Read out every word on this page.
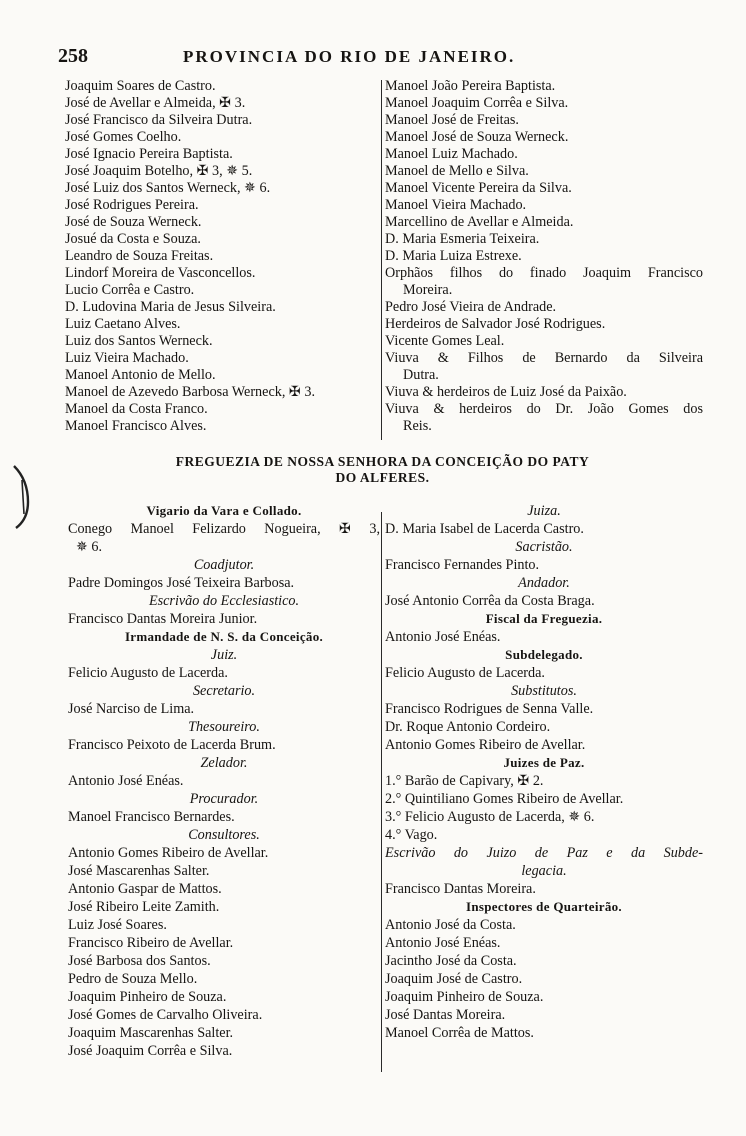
258	PROVINCIA DO RIO DE JANEIRO.
Joaquim Soares de Castro.
José de Avellar e Almeida, ✠ 3.
José Francisco da Silveira Dutra.
José Gomes Coelho.
José Ignacio Pereira Baptista.
José Joaquim Botelho, ✠ 3, ✵ 5.
José Luiz dos Santos Werneck, ✵ 6.
José Rodrigues Pereira.
José de Souza Werneck.
Josué da Costa e Souza.
Leandro de Souza Freitas.
Lindorf Moreira de Vasconcellos.
Lucio Corrêa e Castro.
D. Ludovina Maria de Jesus Silveira.
Luiz Caetano Alves.
Luiz dos Santos Werneck.
Luiz Vieira Machado.
Manoel Antonio de Mello.
Manoel de Azevedo Barbosa Werneck, ✠ 3.
Manoel da Costa Franco.
Manoel Francisco Alves.
Manoel João Pereira Baptista.
Manoel Joaquim Corrêa e Silva.
Manoel José de Freitas.
Manoel José de Souza Werneck.
Manoel Luiz Machado.
Manoel de Mello e Silva.
Manoel Vicente Pereira da Silva.
Manoel Vieira Machado.
Marcellino de Avellar e Almeida.
D. Maria Esmeria Teixeira.
D. Maria Luiza Estrexe.
Orphãos filhos do finado Joaquim Francisco
Moreira.
Pedro José Vieira de Andrade.
Herdeiros de Salvador José Rodrigues.
Vicente Gomes Leal.
Viuva & Filhos de Bernardo da Silveira
Dutra.
Viuva & herdeiros de Luiz José da Paixão.
Viuva & herdeiros do Dr. João Gomes dos
Reis.
FREGUEZIA DE NOSSA SENHORA DA CONCEIÇÃO DO PATY
DO ALFERES.
Vigario da Vara e Collado.
Conego Manoel Felizardo Nogueira, ✠ 3,
✵ 6.
Coadjutor.
Padre Domingos José Teixeira Barbosa.
Escrivão do Ecclesiastico.
Francisco Dantas Moreira Junior.
Irmandade de N. S. da Conceição.
Juiz.
Felicio Augusto de Lacerda.
Secretario.
José Narciso de Lima.
Thesoureiro.
Francisco Peixoto de Lacerda Brum.
Zelador.
Antonio José Enéas.
Procurador.
Manoel Francisco Bernardes.
Consultores.
Antonio Gomes Ribeiro de Avellar.
José Mascarenhas Salter.
Antonio Gaspar de Mattos.
José Ribeiro Leite Zamith.
Luiz José Soares.
Francisco Ribeiro de Avellar.
José Barbosa dos Santos.
Pedro de Souza Mello.
Joaquim Pinheiro de Souza.
José Gomes de Carvalho Oliveira.
Joaquim Mascarenhas Salter.
José Joaquim Corrêa e Silva.
Juiza.
D. Maria Isabel de Lacerda Castro.
Sacristão.
Francisco Fernandes Pinto.
Andador.
José Antonio Corrêa da Costa Braga.
Fiscal da Freguezia.
Antonio José Enéas.
Subdelegado.
Felicio Augusto de Lacerda.
Substitutos.
Francisco Rodrigues de Senna Valle.
Dr. Roque Antonio Cordeiro.
Antonio Gomes Ribeiro de Avellar.
Juizes de Paz.
1.° Barão de Capivary, ✠ 2.
2.° Quintiliano Gomes Ribeiro de Avellar.
3.° Felicio Augusto de Lacerda, ✵ 6.
4.° Vago.
Escrivão do Juizo de Paz e da Subde-
legacia.
Francisco Dantas Moreira.
Inspectores de Quarteirão.
Antonio José da Costa.
Antonio José Enéas.
Jacintho José da Costa.
Joaquim José de Castro.
Joaquim Pinheiro de Souza.
José Dantas Moreira.
Manoel Corrêa de Mattos.
